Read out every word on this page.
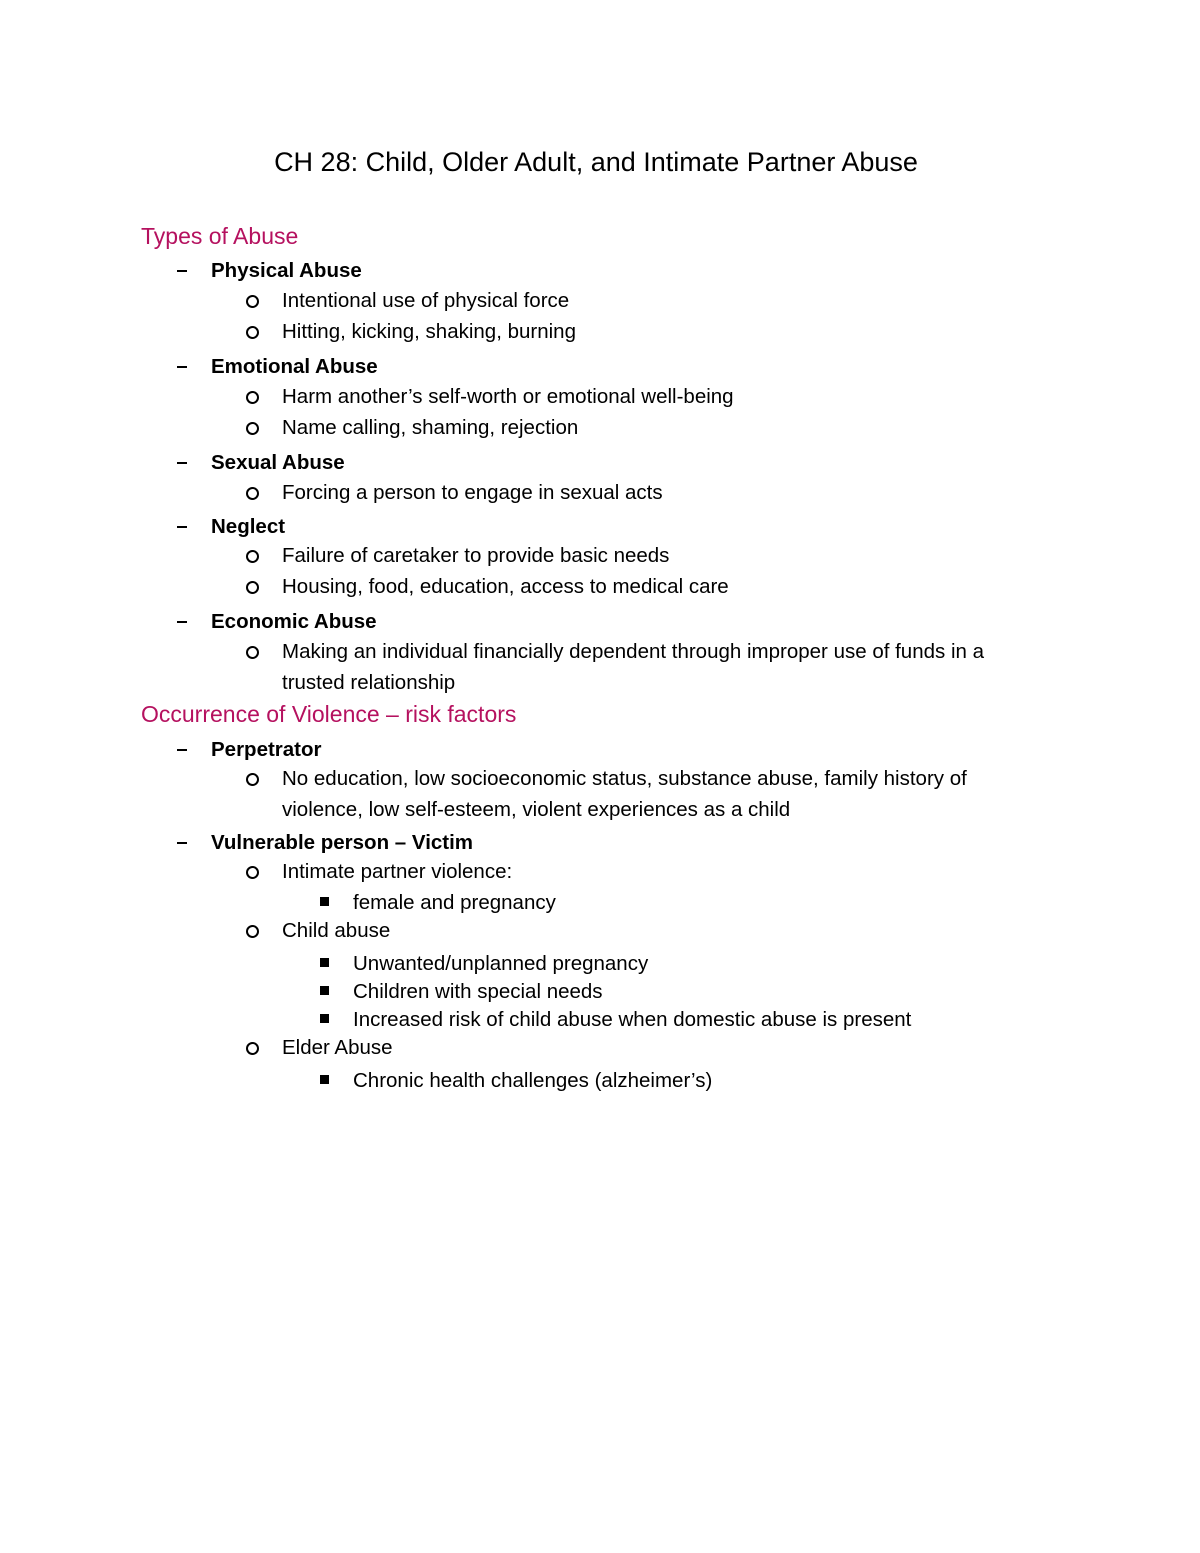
CH 28: Child, Older Adult, and Intimate Partner Abuse
Types of Abuse
Physical Abuse
Intentional use of physical force
Hitting, kicking, shaking, burning
Emotional Abuse
Harm another’s self-worth or emotional well-being
Name calling, shaming, rejection
Sexual Abuse
Forcing a person to engage in sexual acts
Neglect
Failure of caretaker to provide basic needs
Housing, food, education, access to medical care
Economic Abuse
Making an individual financially dependent through improper use of funds in a
trusted relationship
Occurrence of Violence – risk factors
Perpetrator
No education, low socioeconomic status, substance abuse, family history of
violence, low self-esteem, violent experiences as a child
Vulnerable person – Victim
Intimate partner violence:
female and pregnancy
Child abuse
Unwanted/unplanned pregnancy
Children with special needs
Increased risk of child abuse when domestic abuse is present
Elder Abuse
Chronic health challenges (alzheimer’s)
